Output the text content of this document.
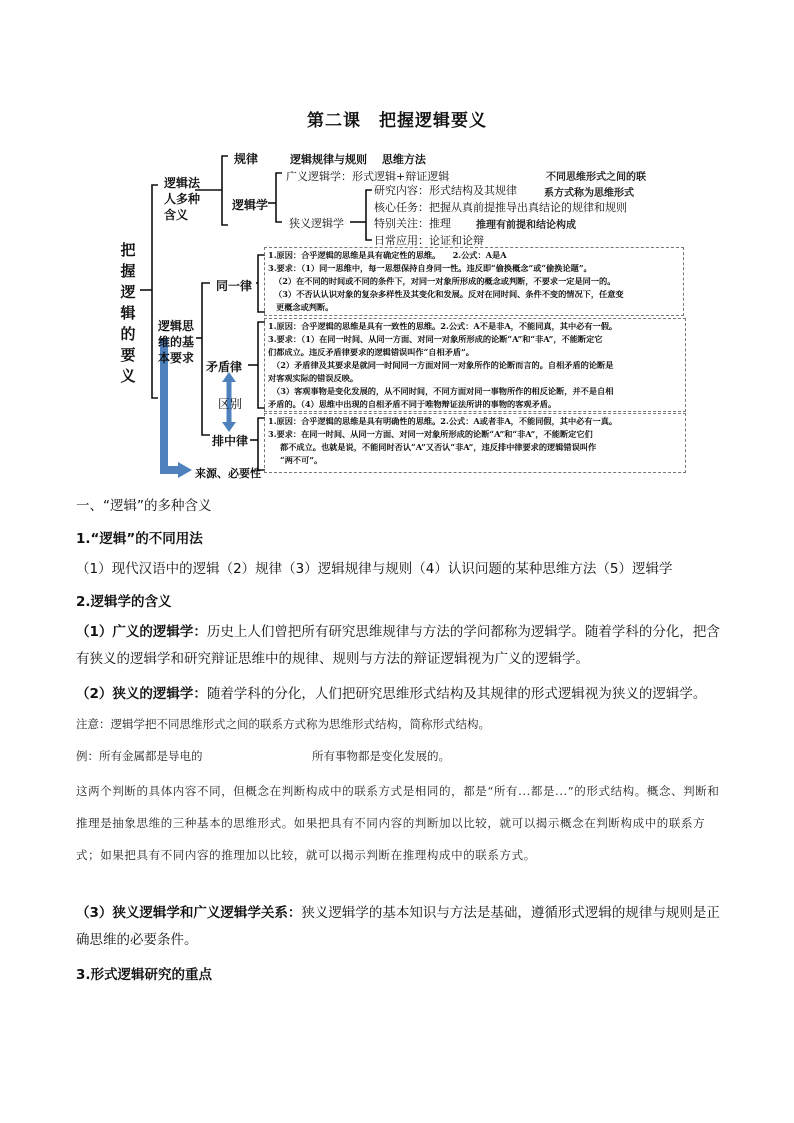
第二课　把握逻辑要义
把
握
逻
辑
的
要
义
逻辑法
人多种
含义
规律	逻辑规律与规则　 思维方法
逻辑学
广义逻辑学：形式逻辑+辩证逻辑	不同思维形式之间的联
系方式称为思维形式
狭义逻辑学
研究内容：形式结构及其规律
核心任务：把握从真前提推导出真结论的规律和规则
特别关注：推理
日常应用：论证和论辩
推理有前提和结论构成
逻辑思
维的基
本要求
同一律
1.原因：合乎逻辑的思维是具有确定性的思维。　　2.公式：A是A
3.要求：（1）同一思维中，每一思想保持自身同一性。违反即“偷换概念”或“偷换论题”。
（2）在不同的时间或不同的条件下，对同一对象所形成的概念或判断，不要求一定是同一的。
（3）不否认认识对象的复杂多样性及其变化和发展。反对在同时间、条件不变的情况下，任意变
更概念或判断。
矛盾律
1.原因：合乎逻辑的思维是具有一致性的思维。2.公式：A不是非A，不能同真，其中必有一假。
3.要求：（1）在同一时间、从同一方面、对同一对象所形成的论断“A”和“非A”，不能断定它
们都成立。违反矛盾律要求的逻辑错误叫作“自相矛盾”。
（2）矛盾律及其要求是就同一时间同一方面对同一对象所作的论断而言的。自相矛盾的论断是
对客观实际的错误反映。
（3）客观事物是变化发展的，从不同时间，不同方面对同一事物所作的相反论断，并不是自相
矛盾的。（4）思维中出现的自相矛盾不同于唯物辩证法所讲的事物的客观矛盾。
区别
排中律
1.原因：合乎逻辑的思维是具有明确性的思维。2.公式：A或者非A，不能同假，其中必有一真。
3.要求：在同一时间、从同一方面、对同一对象所形成的论断“A”和“非A”，不能断定它们
都不成立。也就是说，不能同时否认“A”又否认“非A”，违反排中律要求的逻辑错误叫作
“两不可”。
来源、必要性
一、“逻辑”的多种含义
1.“逻辑”的不同用法
（1）现代汉语中的逻辑（2）规律（3）逻辑规律与规则（4）认识问题的某种思维方法（5）逻辑学
2.逻辑学的含义
（1）广义的逻辑学：历史上人们曾把所有研究思维规律与方法的学问都称为逻辑学。随着学科的分化，把含有狭义的逻辑学和研究辩证思维中的规律、规则与方法的辩证逻辑视为广义的逻辑学。
（2）狭义的逻辑学：随着学科的分化，人们把研究思维形式结构及其规律的形式逻辑视为狭义的逻辑学。
注意：逻辑学把不同思维形式之间的联系方式称为思维形式结构，简称形式结构。
例：所有金属都是导电的	所有事物都是变化发展的。
这两个判断的具体内容不同，但概念在判断构成中的联系方式是相同的，都是“所有...都是...”的形式结构。概念、判断和推理是抽象思维的三种基本的思维形式。如果把具有不同内容的判断加以比较，就可以揭示概念在判断构成中的联系方式；如果把具有不同内容的推理加以比较，就可以揭示判断在推理构成中的联系方式。
（3）狭义逻辑学和广义逻辑学关系：狭义逻辑学的基本知识与方法是基础，遵循形式逻辑的规律与规则是正确思维的必要条件。
3.形式逻辑研究的重点
